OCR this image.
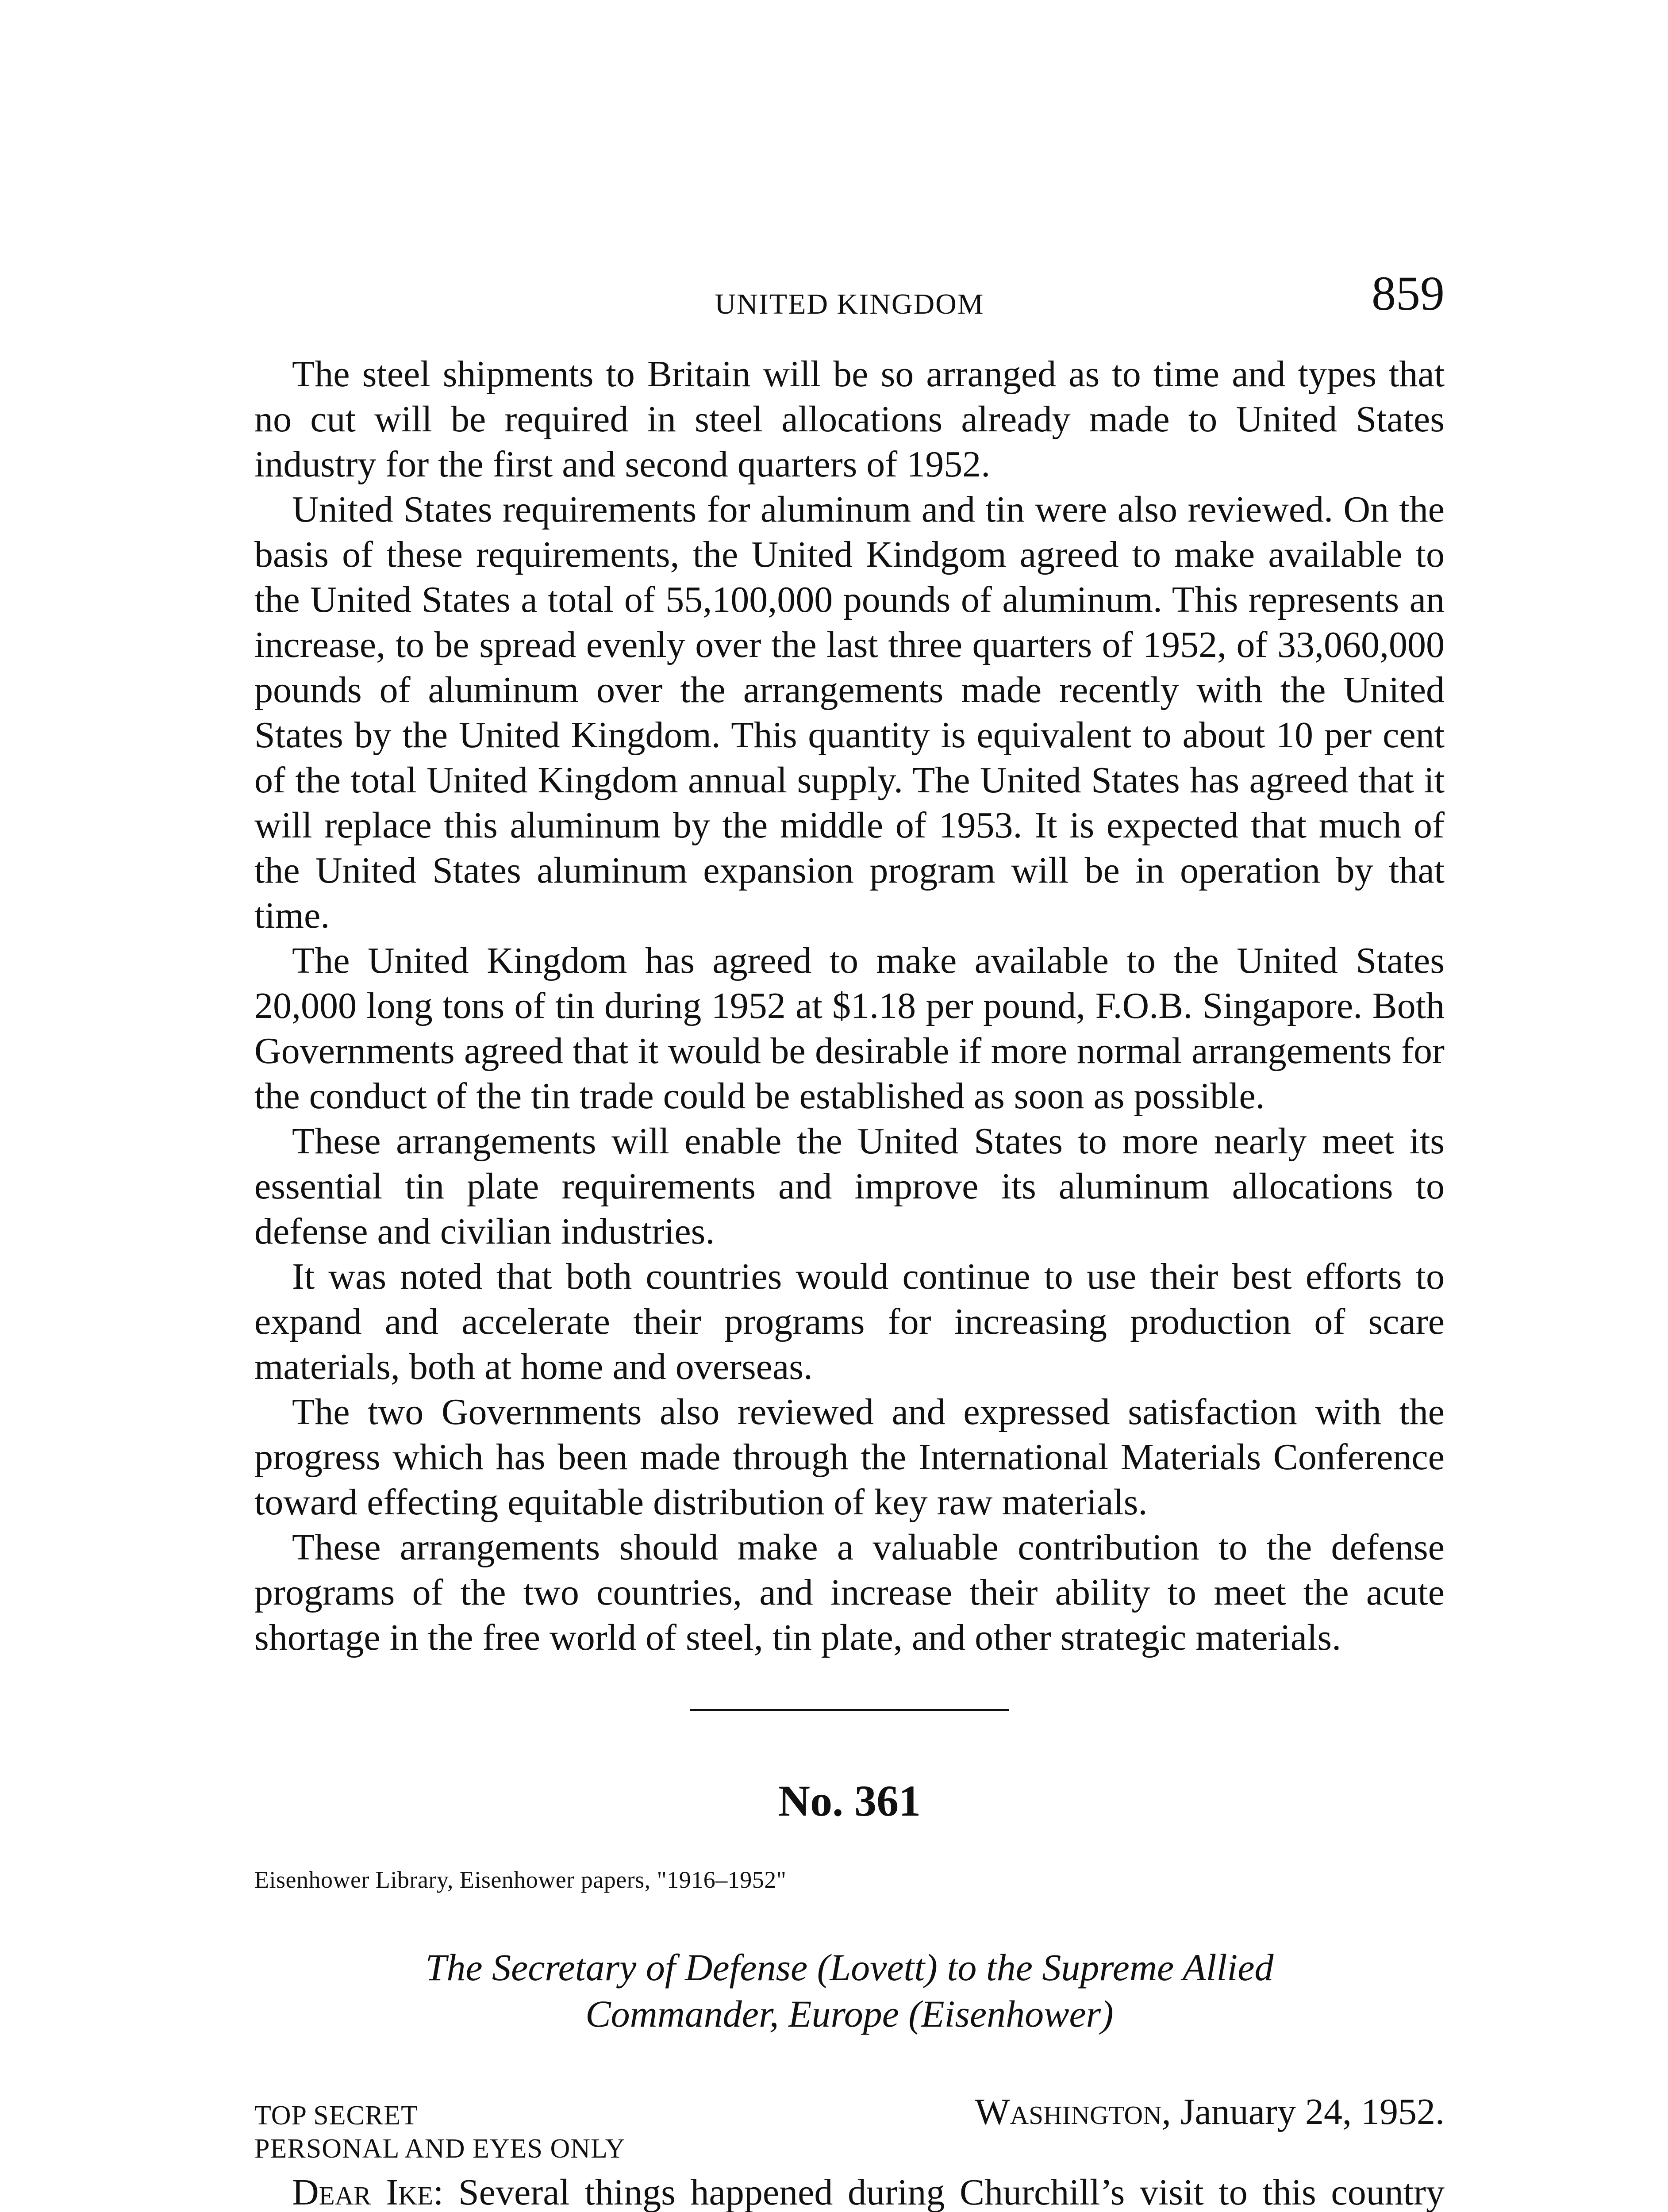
UNITED KINGDOM	859

The steel shipments to Britain will be so arranged as to time and types that no cut will be required in steel allocations already made to United States industry for the first and second quarters of 1952.

United States requirements for aluminum and tin were also reviewed. On the basis of these requirements, the United Kindgom agreed to make available to the United States a total of 55,100,000 pounds of aluminum. This represents an increase, to be spread evenly over the last three quarters of 1952, of 33,060,000 pounds of aluminum over the arrangements made recently with the United States by the United Kingdom. This quantity is equivalent to about 10 per cent of the total United Kingdom annual supply. The United States has agreed that it will replace this aluminum by the middle of 1953. It is expected that much of the United States aluminum expansion program will be in operation by that time.

The United Kingdom has agreed to make available to the United States 20,000 long tons of tin during 1952 at $1.18 per pound, F.O.B. Singapore. Both Governments agreed that it would be desirable if more normal arrangements for the conduct of the tin trade could be established as soon as possible.

These arrangements will enable the United States to more nearly meet its essential tin plate requirements and improve its aluminum allocations to defense and civilian industries.

It was noted that both countries would continue to use their best efforts to expand and accelerate their programs for increasing production of scare materials, both at home and overseas.

The two Governments also reviewed and expressed satisfaction with the progress which has been made through the International Materials Conference toward effecting equitable distribution of key raw materials.

These arrangements should make a valuable contribution to the defense programs of the two countries, and increase their ability to meet the acute shortage in the free world of steel, tin plate, and other strategic materials.

No. 361
Eisenhower Library, Eisenhower papers, "1916–1952"
The Secretary of Defense (Lovett) to the Supreme Allied Commander, Europe (Eisenhower)
TOP SECRET
PERSONAL AND EYES ONLY
Washington, January 24, 1952.

Dear Ike: Several things happened during Churchill’s visit to this country
